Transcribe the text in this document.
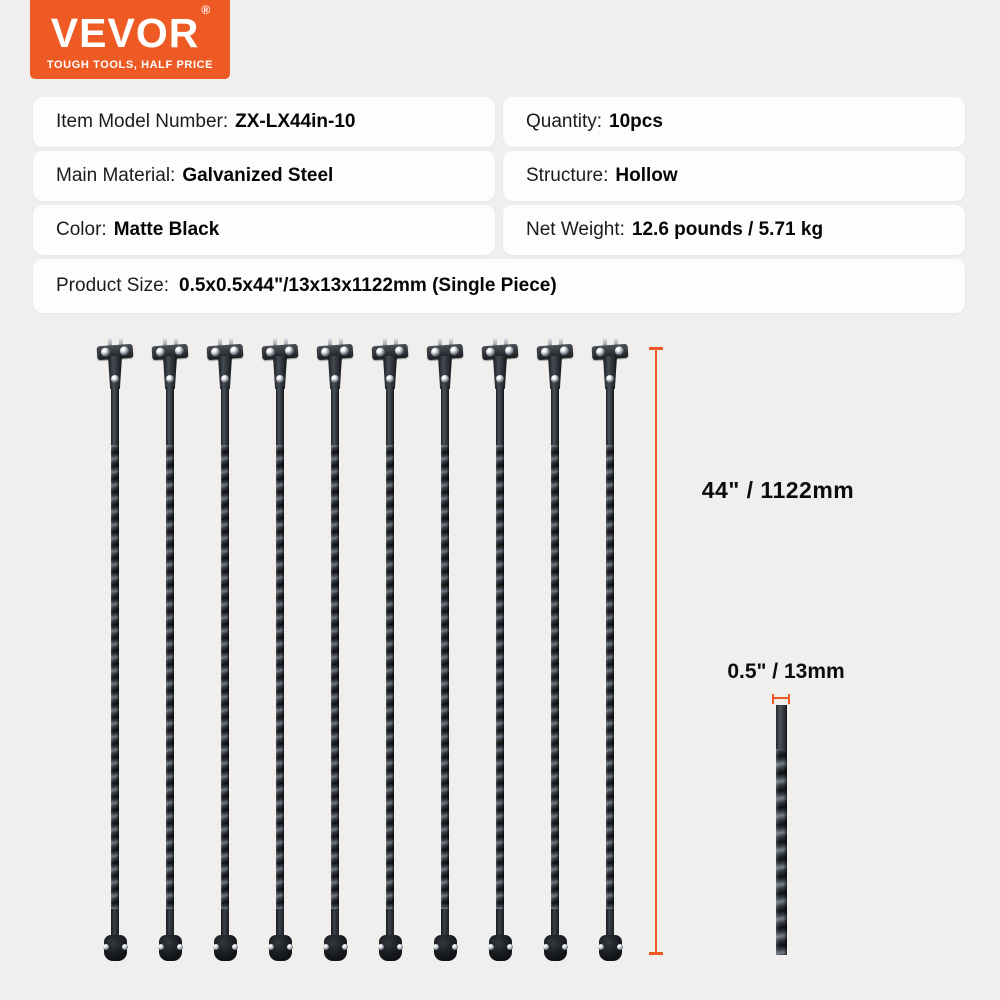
VEVOR ®
TOUGH TOOLS, HALF PRICE
Item Model Number: ZX-LX44in-10	Quantity: 10pcs
Main Material: Galvanized Steel	Structure: Hollow
Color: Matte Black	Net Weight: 12.6 pounds / 5.71 kg
Product Size: 0.5x0.5x44"/13x13x1122mm (Single Piece)
44" / 1122mm
0.5" / 13mm
